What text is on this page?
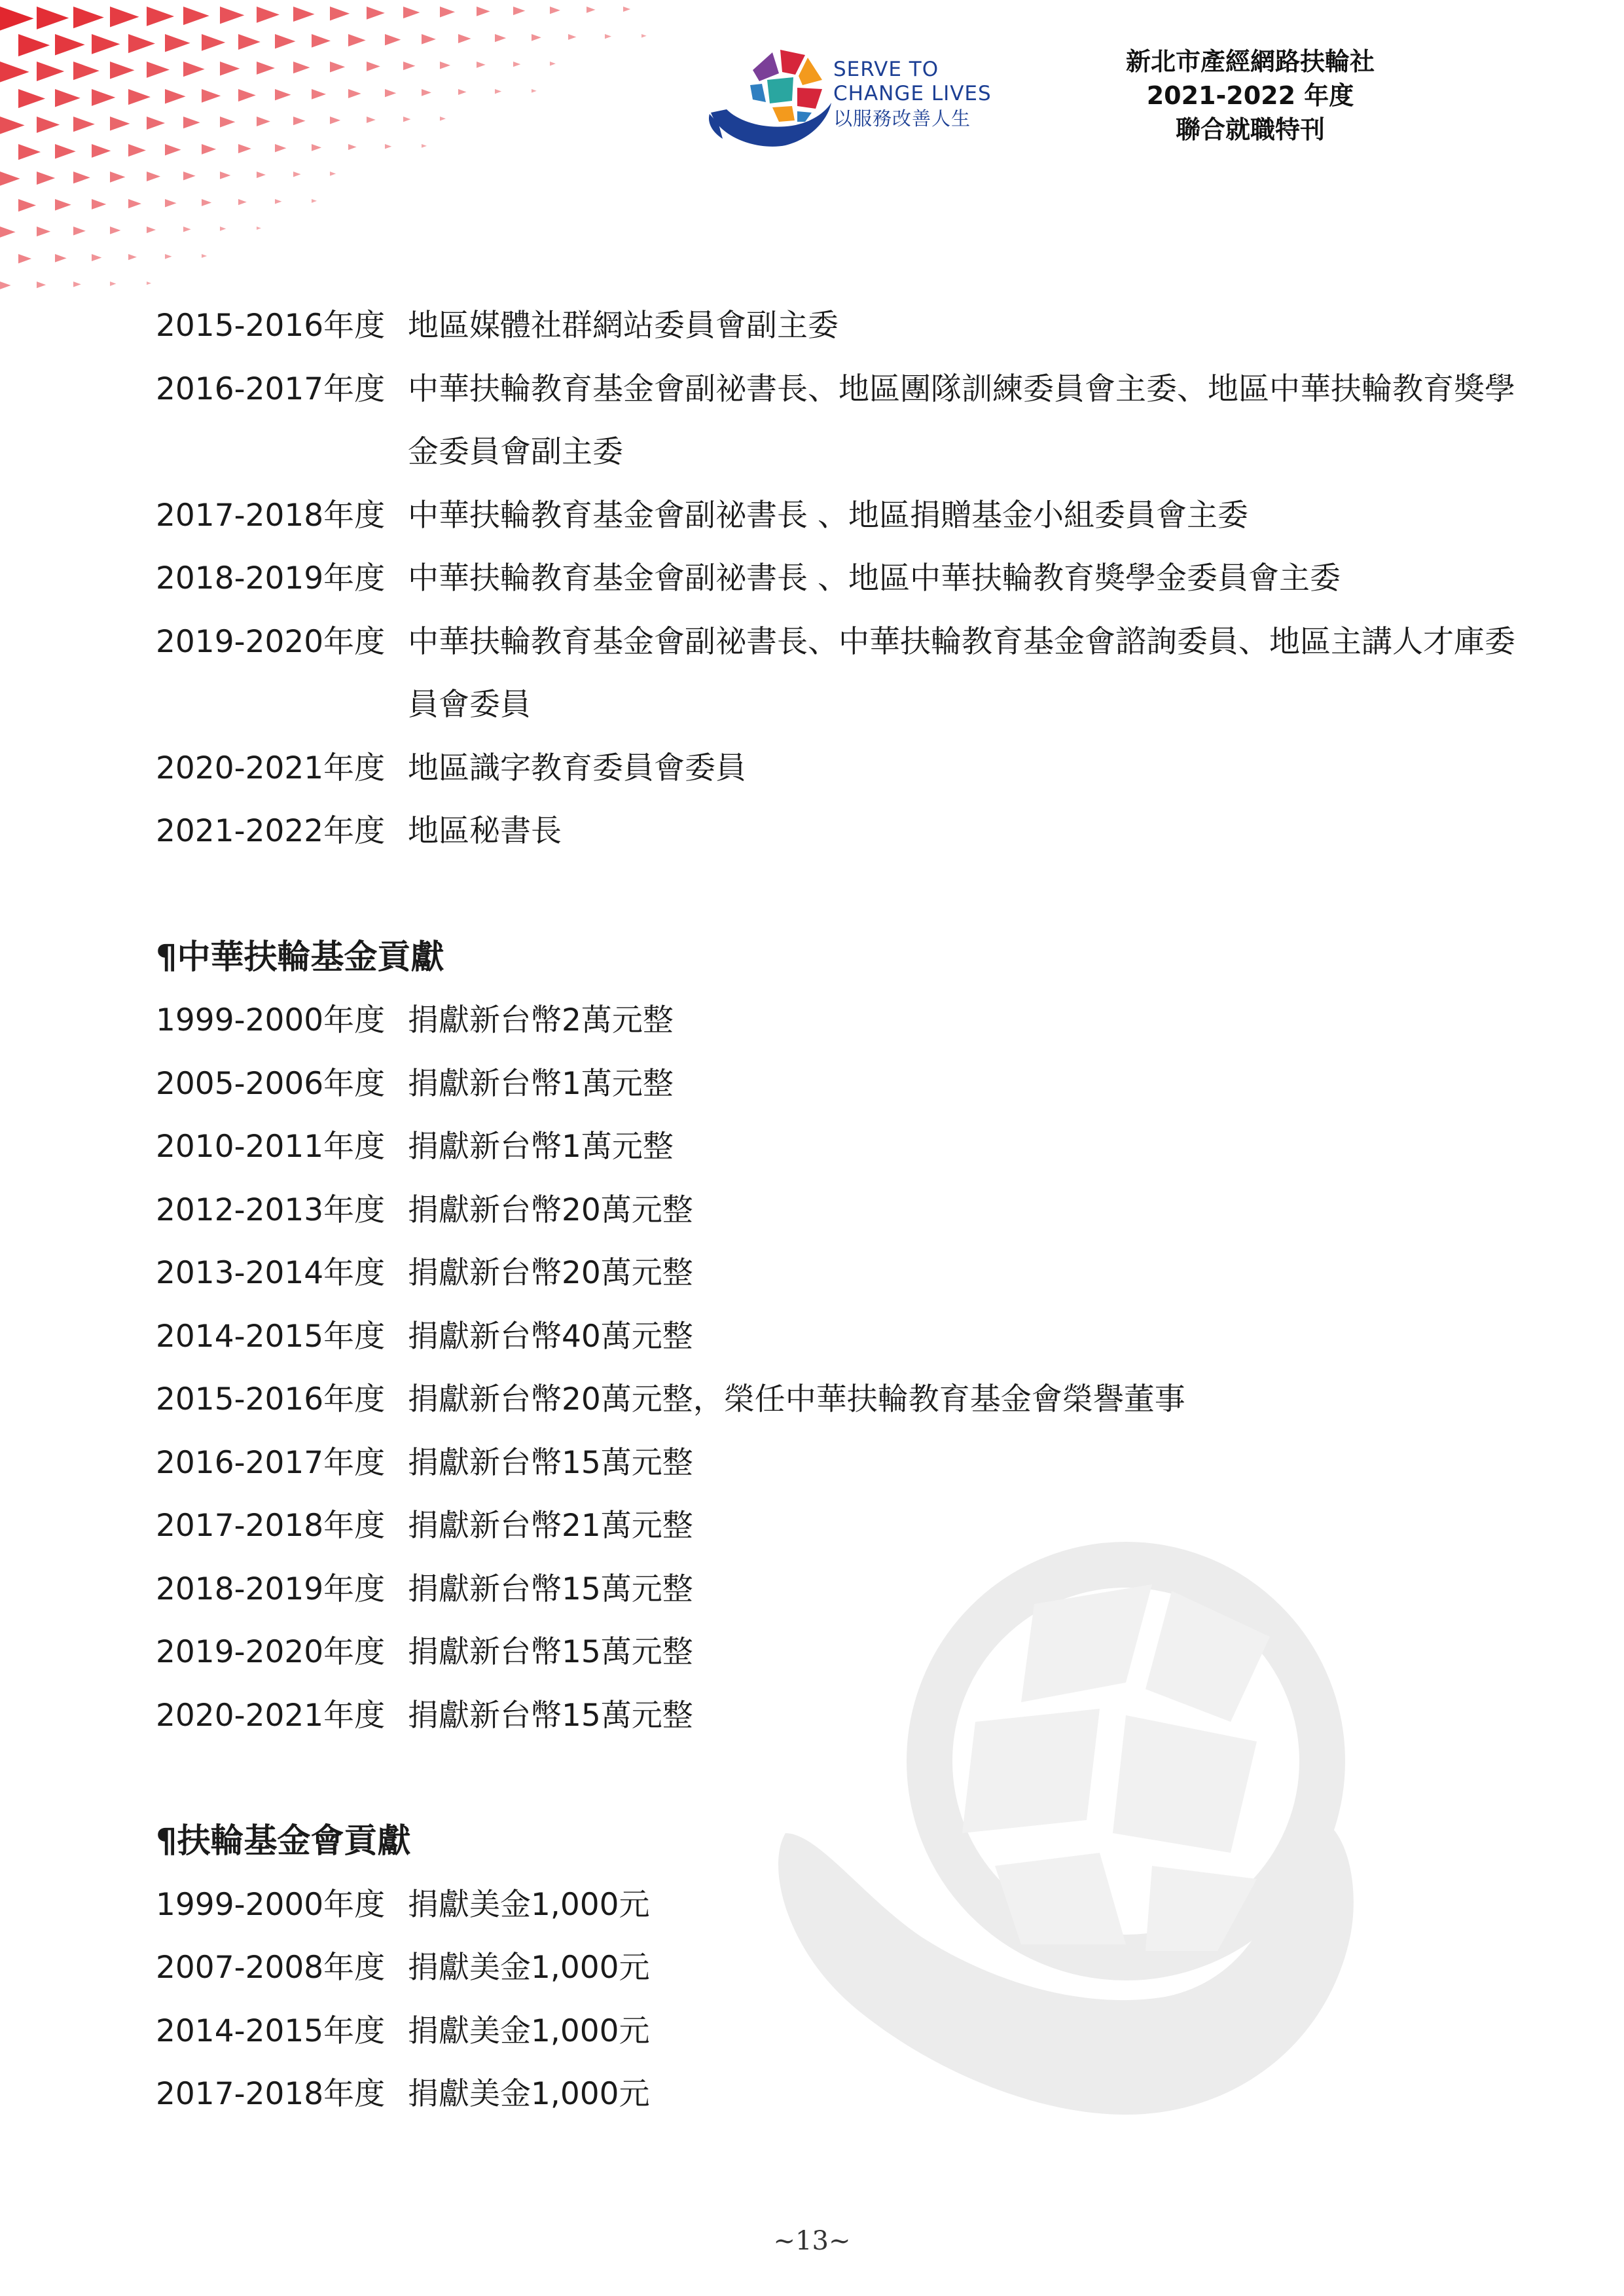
SERVE TO
CHANGE LIVES
以服務改善人生
新北市產經網路扶輪社
2021-2022 年度
聯合就職特刊
2015-2016年度 地區媒體社群網站委員會副主委
2016-2017年度 中華扶輪教育基金會副祕書長、地區團隊訓練委員會主委、地區中華扶輪教育獎學金委員會副主委
2017-2018年度 中華扶輪教育基金會副祕書長 、地區捐贈基金小組委員會主委
2018-2019年度 中華扶輪教育基金會副祕書長 、地區中華扶輪教育獎學金委員會主委
2019-2020年度 中華扶輪教育基金會副祕書長、中華扶輪教育基金會諮詢委員、地區主講人才庫委員會委員
2020-2021年度 地區識字教育委員會委員
2021-2022年度 地區秘書長
¶中華扶輪基金貢獻
1999-2000年度 捐獻新台幣2萬元整
2005-2006年度 捐獻新台幣1萬元整
2010-2011年度 捐獻新台幣1萬元整
2012-2013年度 捐獻新台幣20萬元整
2013-2014年度 捐獻新台幣20萬元整
2014-2015年度 捐獻新台幣40萬元整
2015-2016年度 捐獻新台幣20萬元整，榮任中華扶輪教育基金會榮譽董事
2016-2017年度 捐獻新台幣15萬元整
2017-2018年度 捐獻新台幣21萬元整
2018-2019年度 捐獻新台幣15萬元整
2019-2020年度 捐獻新台幣15萬元整
2020-2021年度 捐獻新台幣15萬元整
¶扶輪基金會貢獻
1999-2000年度 捐獻美金1,000元
2007-2008年度 捐獻美金1,000元
2014-2015年度 捐獻美金1,000元
2017-2018年度 捐獻美金1,000元
~13~
